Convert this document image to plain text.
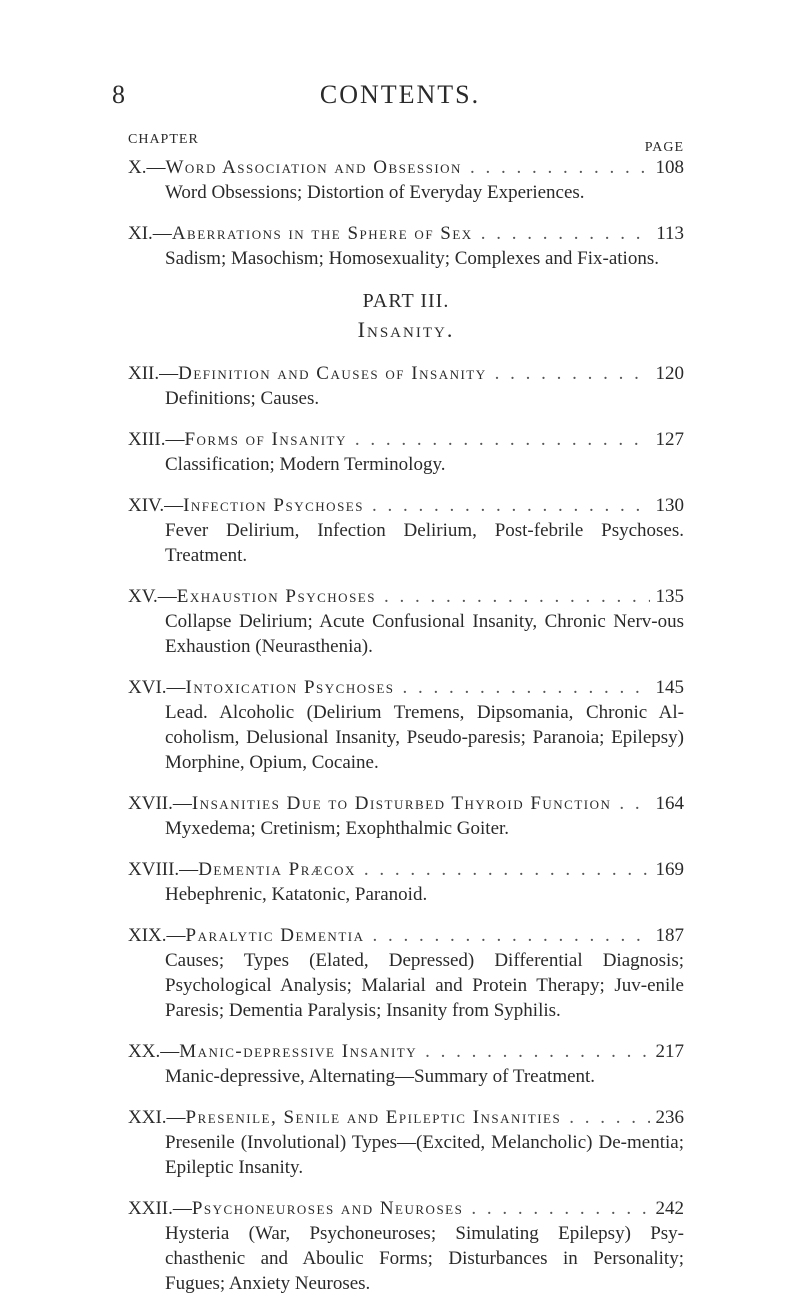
8	CONTENTS.
CHAPTER
PAGE
X.— Word Association and Obsession . . .	108
Word Obsessions; Distortion of Everyday Experiences.
XI.— Aberrations in the Sphere of Sex . . .	113
Sadism; Masochism; Homosexuality; Complexes and Fix-ations.
PART III.
Insanity.
XII.— Definition and Causes of Insanity . . .	120
Definitions; Causes.
XIII.— Forms of Insanity . . .	127
Classification; Modern Terminology.
XIV.— Infection Psychoses . . .	130
Fever Delirium, Infection Delirium, Post-febrile Psychoses. Treatment.
XV.— Exhaustion Psychoses . . .	135
Collapse Delirium; Acute Confusional Insanity, Chronic Nerv-ous Exhaustion (Neurasthenia).
XVI.— Intoxication Psychoses . . .	145
Lead. Alcoholic (Delirium Tremens, Dipsomania, Chronic Al-coholism, Delusional Insanity, Pseudo-paresis; Paranoia; Epilepsy) Morphine, Opium, Cocaine.
XVII.— Insanities Due to Disturbed Thyroid Function . . . 164
Myxedema; Cretinism; Exophthalmic Goiter.
XVIII.— Dementia Præcox . . .	169
Hebephrenic, Katatonic, Paranoid.
XIX.— Paralytic Dementia . . .	187
Causes; Types (Elated, Depressed) Differential Diagnosis; Psychological Analysis; Malarial and Protein Therapy; Juv-enile Paresis; Dementia Paralysis; Insanity from Syphilis.
XX.— Manic-depressive Insanity . . .	217
Manic-depressive, Alternating—Summary of Treatment.
XXI.— Presenile, Senile and Epileptic Insanities . . .	236
Presenile (Involutional) Types—(Excited, Melancholic) De-mentia; Epileptic Insanity.
XXII.— Psychoneuroses and Neuroses . . .	242
Hysteria (War, Psychoneuroses; Simulating Epilepsy) Psy-chasthenic and Aboulic Forms; Disturbances in Personality; Fugues; Anxiety Neuroses.
